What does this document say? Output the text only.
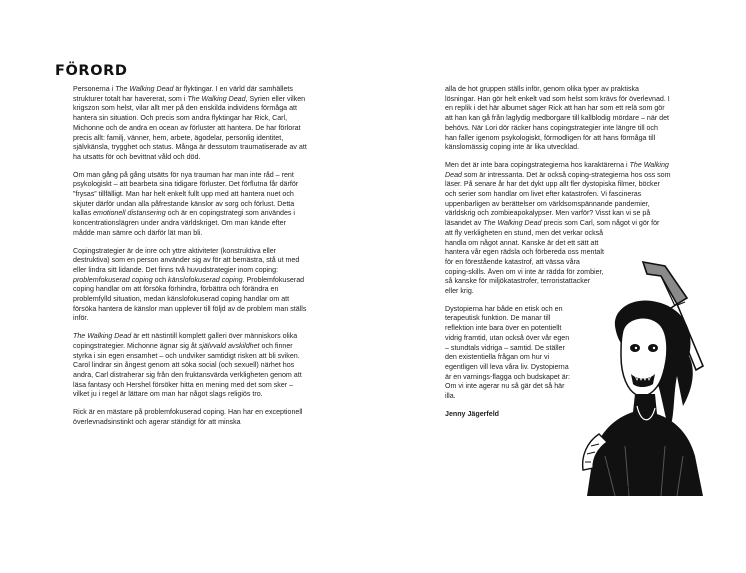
FÖRORD

Personerna i The Walking Dead är flyktingar. I en värld där samhällets strukturer totalt har havererat, som i The Walking Dead, Syrien eller vilken krigszon som helst, vilar allt mer på den enskilda individens förmåga att hantera sin situation. Och precis som andra flyktingar har Rick, Carl, Michonne och de andra en ocean av förluster att hantera. De har förlorat precis allt: familj, vänner, hem, arbete, ägodelar, personlig identitet, självkänsla, trygghet och status. Många är dessutom traumatiserade av att ha utsatts för och bevittnat våld och död.

Om man gång på gång utsätts för nya trauman har man inte råd – rent psykologiskt – att bearbeta sina tidigare förluster. Det förflutna får därför ”frysas” tillfälligt. Man har helt enkelt fullt upp med att hantera nuet och skjuter därför undan alla påfrestande känslor av sorg och förlust. Detta kallas emotionell distansering och är en copingstrategi som användes i koncentrationslägren under andra världskriget. Om man kände efter mådde man sämre och därför lät man bli.

Copingstrategier är de inre och yttre aktiviteter (konstruktiva eller destruktiva) som en person använder sig av för att bemästra, stå ut med eller lindra sitt lidande. Det finns två huvudstrategier inom coping: problemfokuserad coping och känslofokuserad coping. Problemfokuserad coping handlar om att försöka förhindra, förbättra och förändra en problemfylld situation, medan känslofokuserad coping handlar om att försöka hantera de känslor man upplever till följd av de problem man ställs inför.

The Walking Dead är ett nästintill komplett galleri över människors olika copingstrategier. Michonne ägnar sig åt självvald avskildhet och finner styrka i sin egen ensamhet – och undviker samtidigt risken att bli sviken. Carol lindrar sin ångest genom att söka social (och sexuell) närhet hos andra, Carl distraherar sig från den fruktansvärda verkligheten genom att läsa fantasy och Hershel försöker hitta en mening med det som sker – vilket ju i regel är lättare om man har något slags religiös tro.

Rick är en mästare på problemfokuserad coping. Han har en exceptionell överlevnadsinstinkt och agerar ständigt för att minska

alla de hot gruppen ställs inför, genom olika typer av praktiska lösningar. Han gör helt enkelt vad som helst som krävs för överlevnad. I en replik i det här albumet säger Rick att han har som ett relä som gör att han kan gå från laglydig medborgare till kallblodig mördare – när det behövs. När Lori dör räcker hans copingstrategier inte längre till och han faller igenom psykologiskt, förmodligen för att hans förmåga till känslomässig coping inte är lika utvecklad.

Men det är inte bara copingstrategierna hos karaktärerna i The Walking Dead som är intressanta. Det är också coping-strategierna hos oss som läser. På senare år har det dykt upp allt fler dystopiska filmer, böcker och serier som handlar om livet efter katastrofen. Vi fascineras uppenbarligen av berättelser om världsomspännande pandemier, världskrig och zombieapokalypser. Men varför? Visst kan vi se på läsandet av The Walking Dead precis som Carl, som något vi gör för

att fly verkligheten en stund, men det verkar också handla om något annat. Kanske är det ett sätt att hantera vår egen rädsla och förbereda oss mentalt för en förestående katastrof, att vässa våra coping-skills. Även om vi inte är rädda för zombier, så kanske för miljökatastrofer, terroristattacker eller krig.

Dystopierna har både en etisk och en terapeutisk funktion. De manar till reflektion inte bara över en potentiellt vidrig framtid, utan också över vår egen – stundtals vidriga – samtid. De ställer den existentiella frågan om hur vi egentligen vill leva våra liv. Dystopierna är en varnings-flagga och budskapet är: Om vi inte agerar nu så gär det så här illa.

Jenny Jägerfeld
